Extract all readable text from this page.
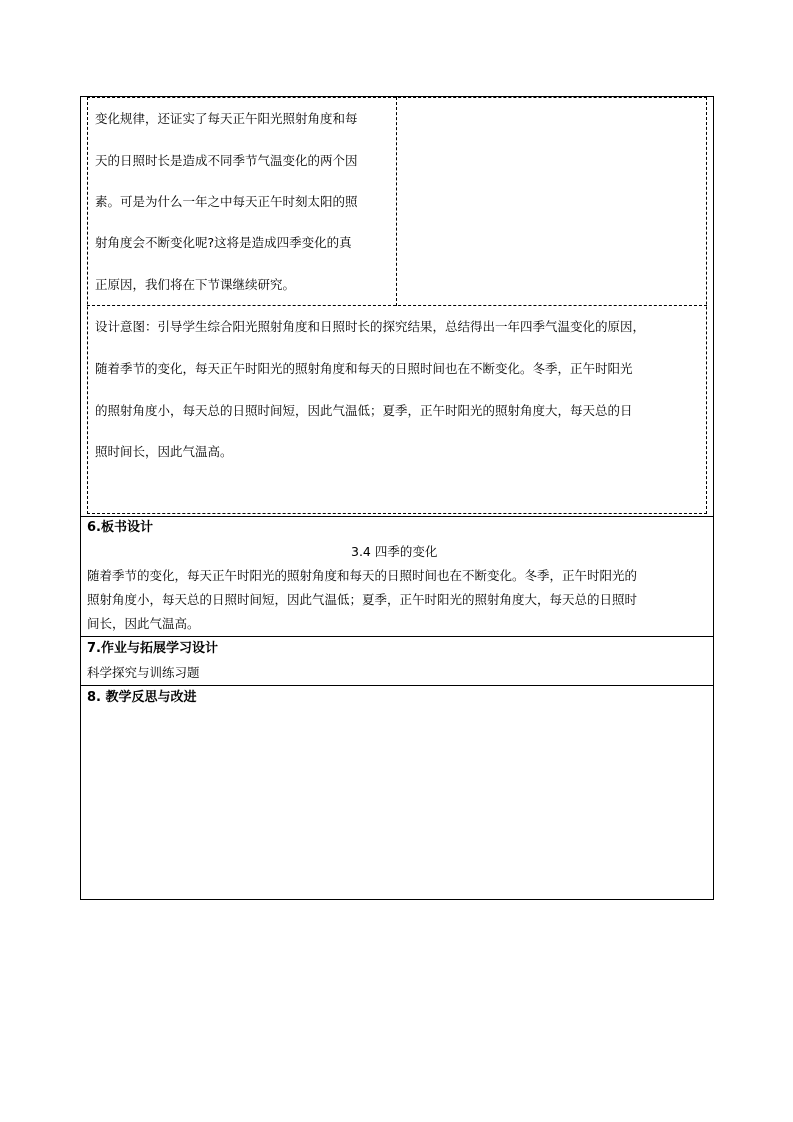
变化规律，还证实了每天正午阳光照射角度和每
天的日照时长是造成不同季节气温变化的两个因
素。可是为什么一年之中每天正午时刻太阳的照
射角度会不断变化呢?这将是造成四季变化的真
正原因，我们将在下节课继续研究。
设计意图：引导学生综合阳光照射角度和日照时长的探究结果，总结得出一年四季气温变化的原因，
随着季节的变化，每天正午时阳光的照射角度和每天的日照时间也在不断变化。冬季，正午时阳光
的照射角度小，每天总的日照时间短，因此气温低；夏季，正午时阳光的照射角度大，每天总的日
照时间长，因此气温高。
6.板书设计
3.4 四季的变化
随着季节的变化，每天正午时阳光的照射角度和每天的日照时间也在不断变化。冬季，正午时阳光的
照射角度小，每天总的日照时间短，因此气温低；夏季，正午时阳光的照射角度大，每天总的日照时
间长，因此气温高。
7.作业与拓展学习设计
科学探究与训练习题
8. 教学反思与改进
